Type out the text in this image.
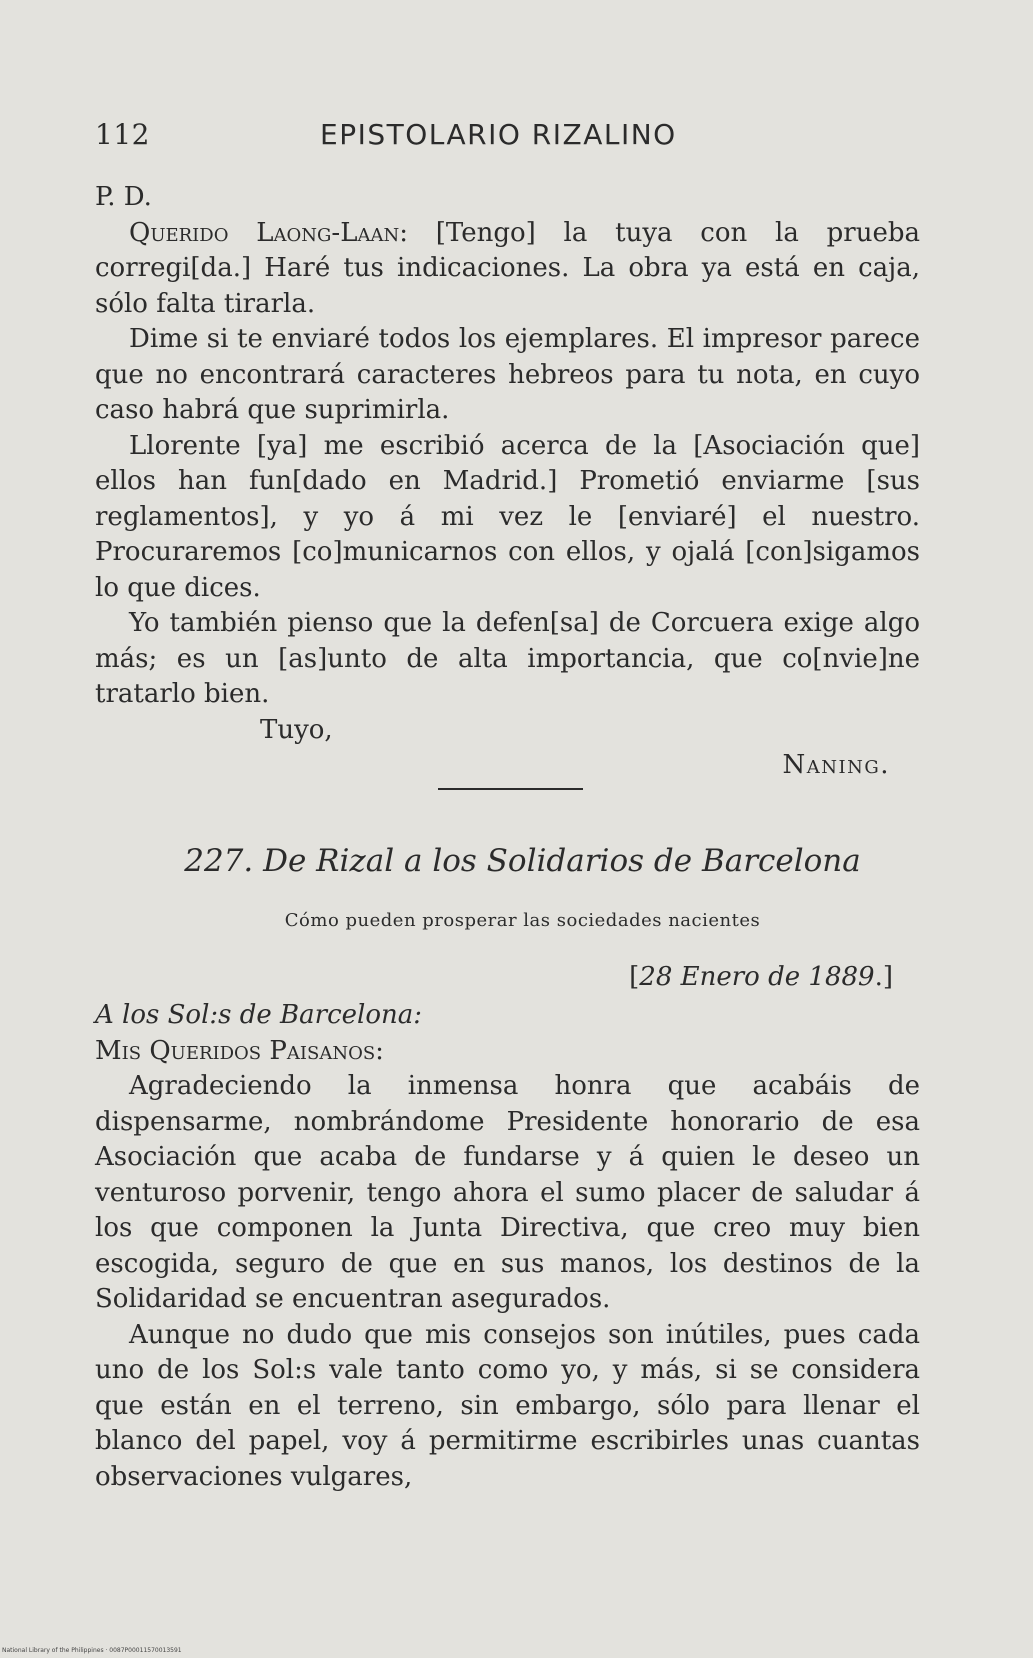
112	EPISTOLARIO RIZALINO
P. D.

Querido Laong-Laan: [Tengo] la tuya con la prueba corregi[da.] Haré tus indicaciones. La obra ya está en caja, sólo falta tirarla.

Dime si te enviaré todos los ejemplares. El impresor parece que no encontrará caracteres hebreos para tu nota, en cuyo caso habrá que suprimirla.

Llorente [ya] me escribió acerca de la [Asociación que] ellos han fun[dado en Madrid.] Prometió enviarme [sus reglamentos], y yo á mi vez le [enviaré] el nuestro. Procuraremos [co]municarnos con ellos, y ojalá [con]sigamos lo que dices.

Yo también pienso que la defen[sa] de Corcuera exige algo más; es un [as]unto de alta importancia, que co[nvie]ne tratarlo bien.

Tuyo,

Naning.

227. De Rizal a los Solidarios de Barcelona
Cómo pueden prosperar las sociedades nacientes
[28 Enero de 1889.]
A los Sol:s de Barcelona:
Mis Queridos Paisanos:

Agradeciendo la inmensa honra que acabáis de dispensarme, nombrándome Presidente honorario de esa Asociación que acaba de fundarse y á quien le deseo un venturoso porvenir, tengo ahora el sumo placer de saludar á los que componen la Junta Directiva, que creo muy bien escogida, seguro de que en sus manos, los destinos de la Solidaridad se encuentran asegurados.

Aunque no dudo que mis consejos son inútiles, pues cada uno de los Sol:s vale tanto como yo, y más, si se considera que están en el terreno, sin embargo, sólo para llenar el blanco del papel, voy á permitirme escribirles unas cuantas observaciones vulgares,

National Library of the Philippines · 0087P00011570013591
